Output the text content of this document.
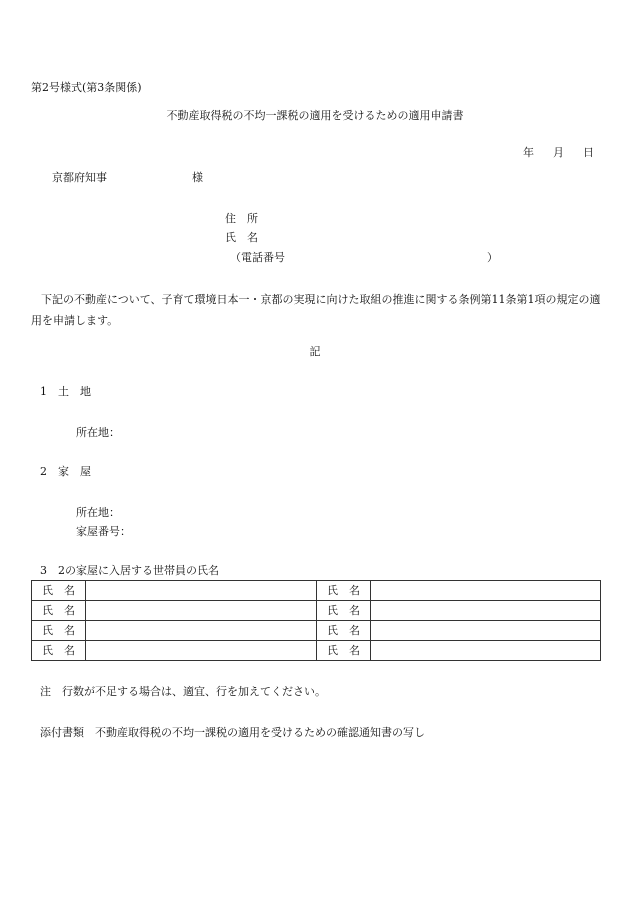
第2号様式(第3条関係)
不動産取得税の不均一課税の適用を受けるための適用申請書
年 月 日
京都府知事	様
住　所
氏　名
（電話番号	）
下記の不動産について、子育て環境日本一・京都の実現に向けた取組の推進に関する条例第11条第1項の規定の適用を申請します。
記
1　土　地
所在地：
2　家　屋
所在地：
家屋番号：
3　2の家屋に入居する世帯員の氏名
氏　名		氏　名	
氏　名		氏　名	
氏　名		氏　名	
氏　名		氏　名	
注　行数が不足する場合は、適宜、行を加えてください。
添付書類　不動産取得税の不均一課税の適用を受けるための確認通知書の写し
